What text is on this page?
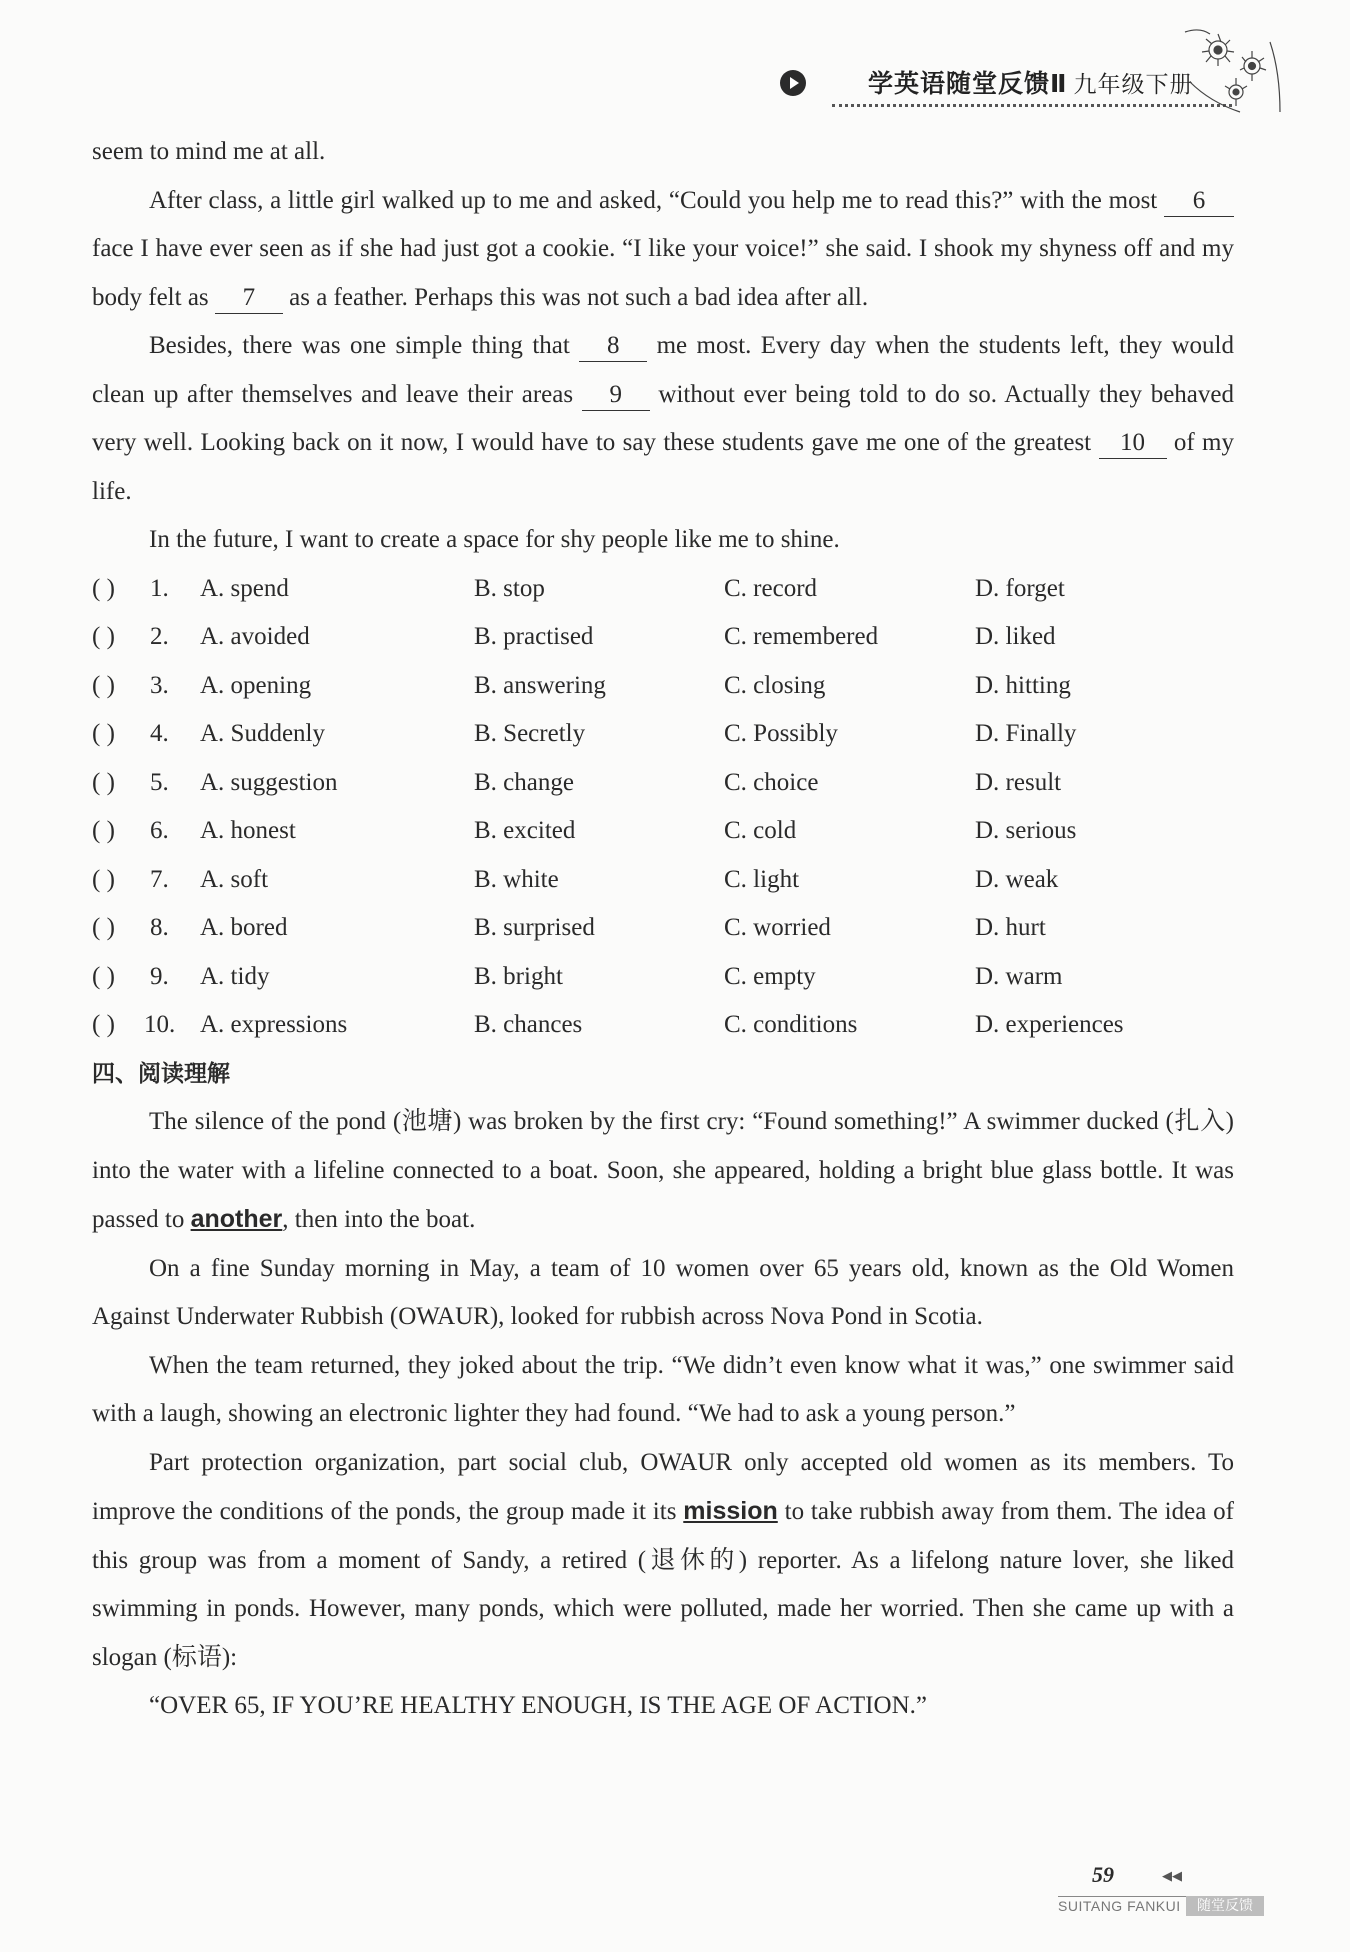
学英语随堂反馈Ⅱ 九年级下册

seem to mind me at all.

After class, a little girl walked up to me and asked, “Could you help me to read this?” with the most 6 face I have ever seen as if she had just got a cookie. “I like your voice!” she said. I shook my shyness off and my body felt as 7 as a feather. Perhaps this was not such a bad idea after all.

Besides, there was one simple thing that 8 me most. Every day when the students left, they would clean up after themselves and leave their areas 9 without ever being told to do so. Actually they behaved very well. Looking back on it now, I would have to say these students gave me one of the greatest 10 of my life.

In the future, I want to create a space for shy people like me to shine.

( ) 1. A. spend	B. stop	C. record	D. forget
( ) 2. A. avoided	B. practised	C. remembered	D. liked
( ) 3. A. opening	B. answering	C. closing	D. hitting
( ) 4. A. Suddenly	B. Secretly	C. Possibly	D. Finally
( ) 5. A. suggestion	B. change	C. choice	D. result
( ) 6. A. honest	B. excited	C. cold	D. serious
( ) 7. A. soft	B. white	C. light	D. weak
( ) 8. A. bored	B. surprised	C. worried	D. hurt
( ) 9. A. tidy	B. bright	C. empty	D. warm
( ) 10. A. expressions	B. chances	C. conditions	D. experiences

四、阅读理解

The silence of the pond (池塘) was broken by the first cry: “Found something!” A swimmer ducked (扎入) into the water with a lifeline connected to a boat. Soon, she appeared, holding a bright blue glass bottle. It was passed to another, then into the boat.

On a fine Sunday morning in May, a team of 10 women over 65 years old, known as the Old Women Against Underwater Rubbish (OWAUR), looked for rubbish across Nova Pond in Scotia.

When the team returned, they joked about the trip. “We didn’t even know what it was,” one swimmer said with a laugh, showing an electronic lighter they had found. “We had to ask a young person.”

Part protection organization, part social club, OWAUR only accepted old women as its members. To improve the conditions of the ponds, the group made it its mission to take rubbish away from them. The idea of this group was from a moment of Sandy, a retired (退休的) reporter. As a lifelong nature lover, she liked swimming in ponds. However, many ponds, which were polluted, made her worried. Then she came up with a slogan (标语):

“OVER 65, IF YOU’RE HEALTHY ENOUGH, IS THE AGE OF ACTION.”

59	◀◀
SUITANG FANKUI	随堂反馈
